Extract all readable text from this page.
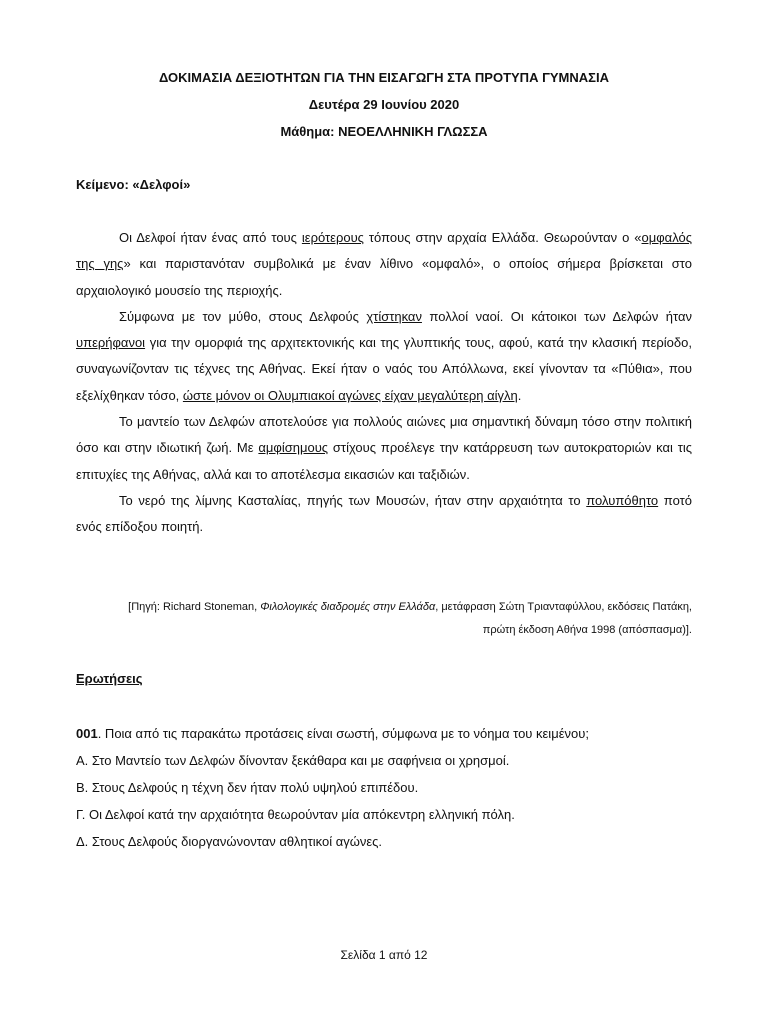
ΔΟΚΙΜΑΣΙΑ ΔΕΞΙΟΤΗΤΩΝ ΓΙΑ ΤΗΝ ΕΙΣΑΓΩΓΗ ΣΤΑ ΠΡΟΤΥΠΑ ΓΥΜΝΑΣΙΑ
Δευτέρα 29 Ιουνίου 2020
Μάθημα: ΝΕΟΕΛΛΗΝΙΚΗ ΓΛΩΣΣΑ
Κείμενο: «Δελφοί»

Οι Δελφοί ήταν ένας από τους ιερότερους τόπους στην αρχαία Ελλάδα. Θεωρούνταν ο «ομφαλός της γης» και παριστανόταν συμβολικά με έναν λίθινο «ομφαλό», ο οποίος σήμερα βρίσκεται στο αρχαιολογικό μουσείο της περιοχής.

Σύμφωνα με τον μύθο, στους Δελφούς χτίστηκαν πολλοί ναοί. Οι κάτοικοι των Δελφών ήταν υπερήφανοι για την ομορφιά της αρχιτεκτονικής και της γλυπτικής τους, αφού, κατά την κλασική περίοδο, συναγωνίζονταν τις τέχνες της Αθήνας. Εκεί ήταν ο ναός του Απόλλωνα, εκεί γίνονταν τα «Πύθια», που εξελίχθηκαν τόσο, ώστε μόνον οι Ολυμπιακοί αγώνες είχαν μεγαλύτερη αίγλη.

Το μαντείο των Δελφών αποτελούσε για πολλούς αιώνες μια σημαντική δύναμη τόσο στην πολιτική όσο και στην ιδιωτική ζωή. Με αμφίσημους στίχους προέλεγε την κατάρρευση των αυτοκρατοριών και τις επιτυχίες της Αθήνας, αλλά και το αποτέλεσμα εικασιών και ταξιδιών.

Το νερό της λίμνης Κασταλίας, πηγής των Μουσών, ήταν στην αρχαιότητα το πολυπόθητο ποτό ενός επίδοξου ποιητή.

[Πηγή: Richard Stoneman, Φιλολογικές διαδρομές στην Ελλάδα, μετάφραση Σώτη Τριανταφύλλου, εκδόσεις Πατάκη,
πρώτη έκδοση Αθήνα 1998 (απόσπασμα)].
Ερωτήσεις
001. Ποια από τις παρακάτω προτάσεις είναι σωστή, σύμφωνα με το νόημα του κειμένου;
Α. Στο Μαντείο των Δελφών δίνονταν ξεκάθαρα και με σαφήνεια οι χρησμοί.
Β. Στους Δελφούς η τέχνη δεν ήταν πολύ υψηλού επιπέδου.
Γ. Οι Δελφοί κατά την αρχαιότητα θεωρούνταν μία απόκεντρη ελληνική πόλη.
Δ. Στους Δελφούς διοργανώνονταν αθλητικοί αγώνες.
Σελίδα 1 από 12
